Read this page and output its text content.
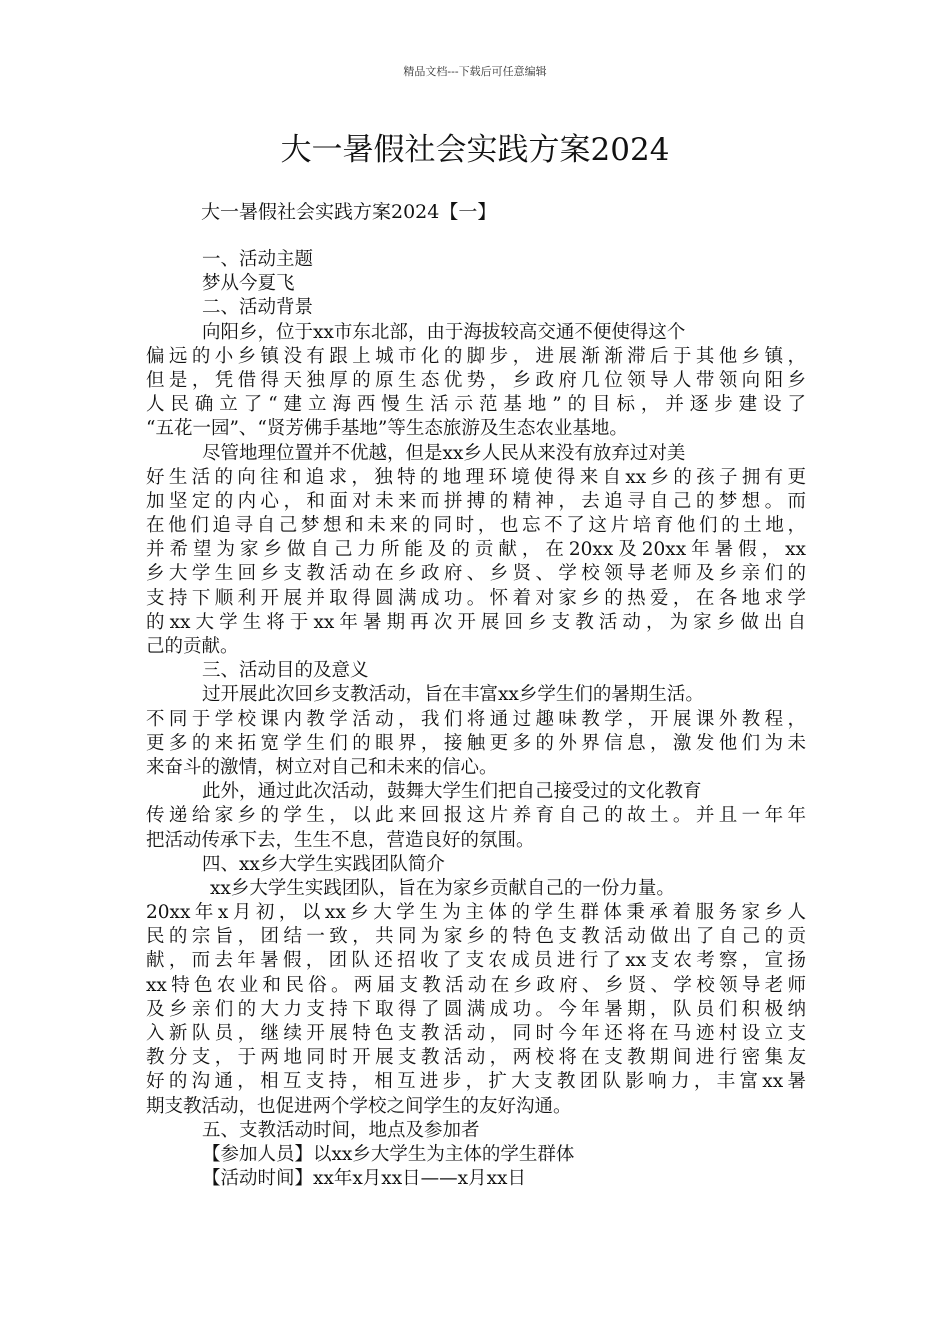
精品文档---下载后可任意编辑
大一暑假社会实践方案2024
大一暑假社会实践方案2024【一】
一、活动主题
梦从今夏飞
二、活动背景
向阳乡，位于xx市东北部，由于海拔较高交通不便使得这个
偏远的小乡镇没有跟上城市化的脚步，进展渐渐滞后于其他乡镇，
但是，凭借得天独厚的原生态优势，乡政府几位领导人带领向阳乡
人民确立了“建立海西慢生活示范基地”的目标，并逐步建设了
“五花一园”、“贤芳佛手基地”等生态旅游及生态农业基地。
尽管地理位置并不优越，但是xx乡人民从来没有放弃过对美
好生活的向往和追求，独特的地理环境使得来自xx乡的孩子拥有更
加坚定的内心，和面对未来而拼搏的精神，去追寻自己的梦想。而
在他们追寻自己梦想和未来的同时，也忘不了这片培育他们的土地，
并希望为家乡做自己力所能及的贡献，在20xx及20xx年暑假，xx
乡大学生回乡支教活动在乡政府、乡贤、学校领导老师及乡亲们的
支持下顺利开展并取得圆满成功。怀着对家乡的热爱，在各地求学
的xx大学生将于xx年暑期再次开展回乡支教活动，为家乡做出自
己的贡献。
三、活动目的及意义
过开展此次回乡支教活动，旨在丰富xx乡学生们的暑期生活。
不同于学校课内教学活动，我们将通过趣味教学，开展课外教程，
更多的来拓宽学生们的眼界，接触更多的外界信息，激发他们为未
来奋斗的激情，树立对自己和未来的信心。
此外，通过此次活动，鼓舞大学生们把自己接受过的文化教育
传递给家乡的学生，以此来回报这片养育自己的故土。并且一年年
把活动传承下去，生生不息，营造良好的氛围。
四、xx乡大学生实践团队简介
xx乡大学生实践团队，旨在为家乡贡献自己的一份力量。
20xx年x月初，以xx乡大学生为主体的学生群体秉承着服务家乡人
民的宗旨，团结一致，共同为家乡的特色支教活动做出了自己的贡
献，而去年暑假，团队还招收了支农成员进行了xx支农考察，宣扬
xx特色农业和民俗。两届支教活动在乡政府、乡贤、学校领导老师
及乡亲们的大力支持下取得了圆满成功。今年暑期，队员们积极纳
入新队员，继续开展特色支教活动，同时今年还将在马迹村设立支
教分支，于两地同时开展支教活动，两校将在支教期间进行密集友
好的沟通，相互支持，相互进步，扩大支教团队影响力，丰富xx暑
期支教活动，也促进两个学校之间学生的友好沟通。
五、支教活动时间，地点及参加者
【参加人员】以xx乡大学生为主体的学生群体
【活动时间】xx年x月xx日——x月xx日
